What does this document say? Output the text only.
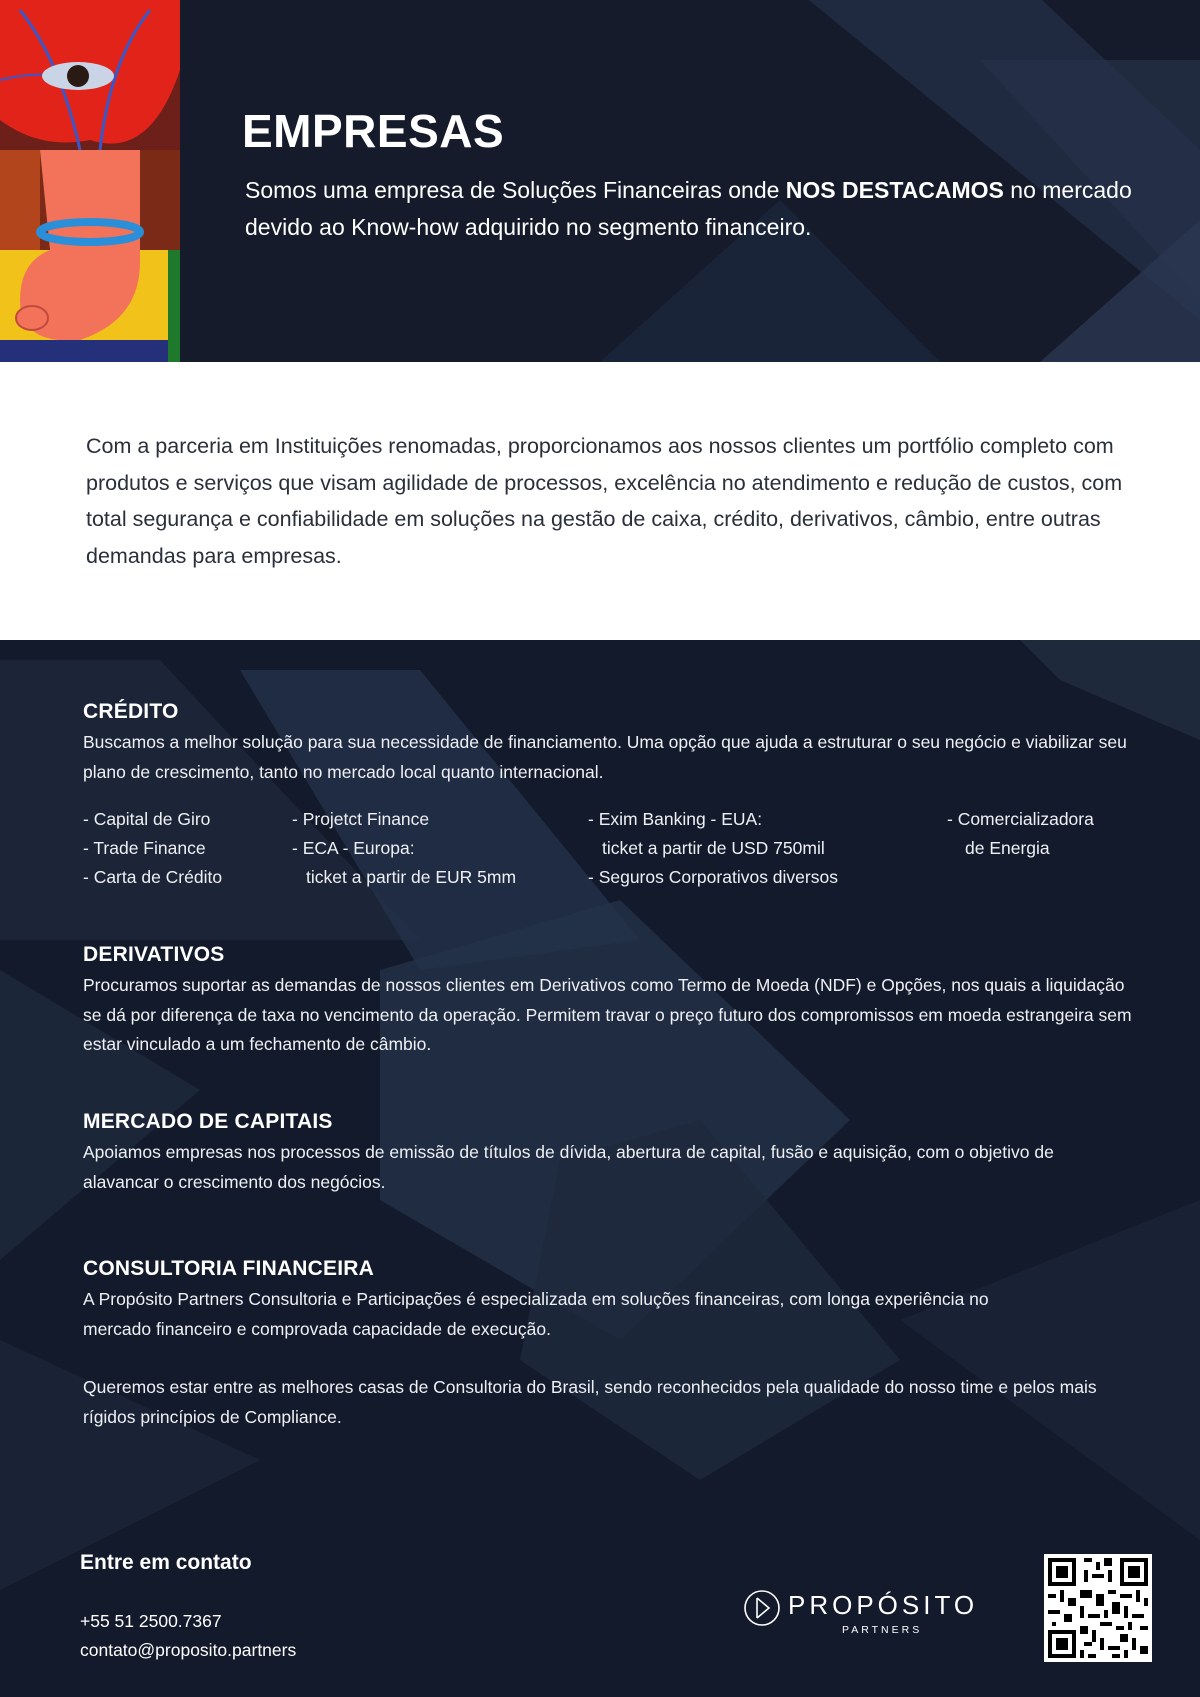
EMPRESAS

Somos uma empresa de Soluções Financeiras onde NOS DESTACAMOS no mercado devido ao Know-how adquirido no segmento financeiro.

Com a parceria em Instituições renomadas, proporcionamos aos nossos clientes um portfólio completo com produtos e serviços que visam agilidade de processos, excelência no atendimento e redução de custos, com total segurança e confiabilidade em soluções na gestão de caixa, crédito, derivativos, câmbio, entre outras demandas para empresas.

CRÉDITO

Buscamos a melhor solução para sua necessidade de financiamento. Uma opção que ajuda a estruturar o seu negócio e viabilizar seu plano de crescimento, tanto no mercado local quanto internacional.

- Capital de Giro
- Trade Finance
- Carta de Crédito
- Projetct Finance
- ECA - Europa:
ticket a partir de EUR 5mm
- Exim Banking - EUA:
ticket a partir de USD 750mil
- Seguros Corporativos diversos
- Comercializadora
de Energia
DERIVATIVOS

Procuramos suportar as demandas de nossos clientes em Derivativos como Termo de Moeda (NDF) e Opções, nos quais a liquidação se dá por diferença de taxa no vencimento da operação. Permitem travar o preço futuro dos compromissos em moeda estrangeira sem estar vinculado a um fechamento de câmbio.

MERCADO DE CAPITAIS

Apoiamos empresas nos processos de emissão de títulos de dívida, abertura de capital, fusão e aquisição, com o objetivo de alavancar o crescimento dos negócios.

CONSULTORIA FINANCEIRA

A Propósito Partners Consultoria e Participações é especializada em soluções financeiras, com longa experiência no mercado financeiro e comprovada capacidade de execução.

Queremos estar entre as melhores casas de Consultoria do Brasil, sendo reconhecidos pela qualidade do nosso time e pelos mais rígidos princípios de Compliance.

Entre em contato
+55 51 2500.7367
contato@proposito.partners
PROPÓSITO
PARTNERS
